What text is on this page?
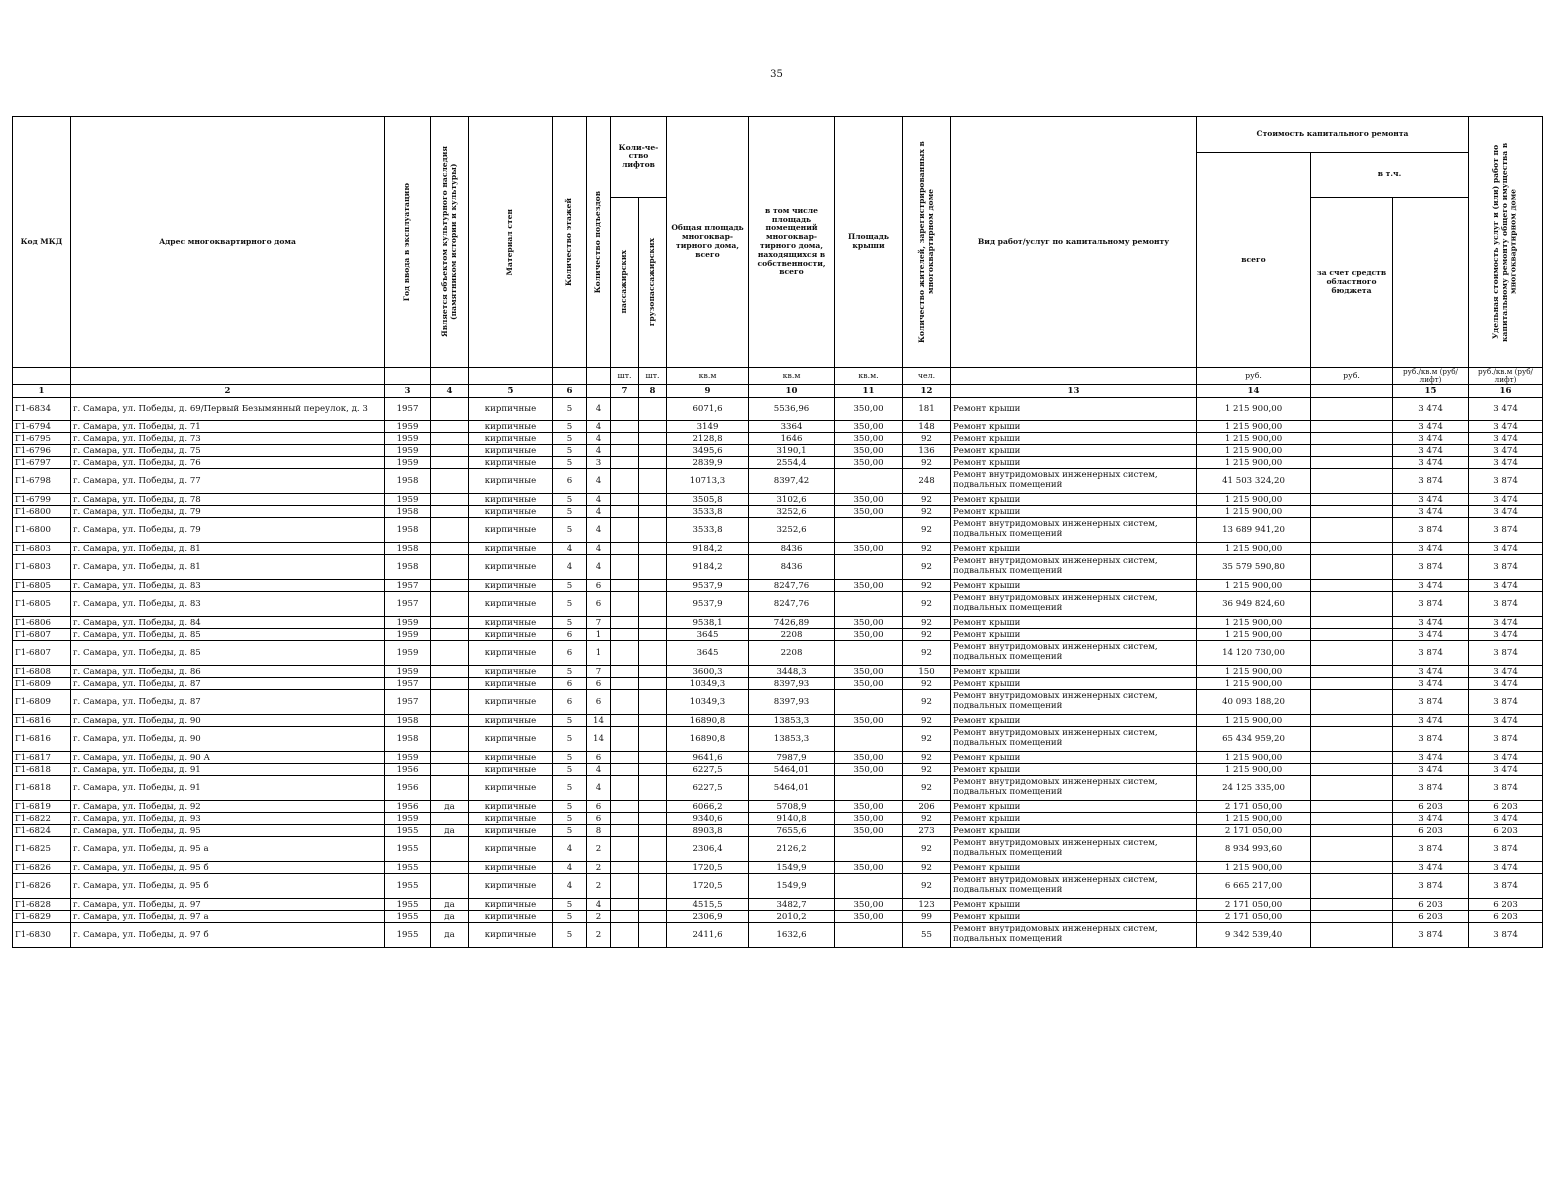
35
Код МКД	Адрес многоквартирного дома	Год ввода в эксплуатацию	Является объектом культурного наследия (памятником истории и культуры)	Материал стен	Количество этажей	Количество подъездов	Коли-че-ство лифтов		Общая площадь многоквар-тирного дома, всего	в том числе площадь помещений многоквар-тирного дома, находящихся в собственности, всего	Площадь крыши	Количество жителей, зарегистрированных в многоквартирном доме	Вид работ/услуг по капитальному ремонту	Стоимость капитального ремонта			Удельная стоимость услуг и (или) работ по капитальному ремонту общего имущества в многоквартирном доме

														всего	в т.ч.			

							пассажирских	грузопассажирских							за счет средств областного бюджета			

							шт.	шт.	кв.м	кв.м	кв.м.	чел.		руб.	руб.	руб./кв.м (руб/лифт)	руб./кв.м (руб/лифт)	
1	2	3	4	5	6		7	8	9	10	11	12	13	14		15	16	
Г1-6834	г. Самара, ул. Победы, д. 69/Первый Безымянный переулок, д. 3	1957		кирпичные	5	4			6071,6	5536,96	350,00	181	Ремонт крыши	1 215 900,00		3 474	3 474	
Г1-6794	г. Самара, ул. Победы, д. 71	1959		кирпичные	5	4			3149	3364	350,00	148	Ремонт крыши	1 215 900,00		3 474	3 474	
Г1-6795	г. Самара, ул. Победы, д. 73	1959		кирпичные	5	4			2128,8	1646	350,00	92	Ремонт крыши	1 215 900,00		3 474	3 474	
Г1-6796	г. Самара, ул. Победы, д. 75	1959		кирпичные	5	4			3495,6	3190,1	350,00	136	Ремонт крыши	1 215 900,00		3 474	3 474	
Г1-6797	г. Самара, ул. Победы, д. 76	1959		кирпичные	5	3			2839,9	2554,4	350,00	92	Ремонт крыши	1 215 900,00		3 474	3 474	
Г1-6798	г. Самара, ул. Победы, д. 77	1958		кирпичные	6	4			10713,3	8397,42		248	Ремонт внутридомовых инженерных систем, подвальных помещений	41 503 324,20		3 874	3 874	
Г1-6799	г. Самара, ул. Победы, д. 78	1959		кирпичные	5	4			3505,8	3102,6	350,00	92	Ремонт крыши	1 215 900,00		3 474	3 474	
Г1-6800	г. Самара, ул. Победы, д. 79	1958		кирпичные	5	4			3533,8	3252,6	350,00	92	Ремонт крыши	1 215 900,00		3 474	3 474	
Г1-6800	г. Самара, ул. Победы, д. 79	1958		кирпичные	5	4			3533,8	3252,6		92	Ремонт внутридомовых инженерных систем, подвальных помещений	13 689 941,20		3 874	3 874	
Г1-6803	г. Самара, ул. Победы, д. 81	1958		кирпичные	4	4			9184,2	8436	350,00	92	Ремонт крыши	1 215 900,00		3 474	3 474	
Г1-6803	г. Самара, ул. Победы, д. 81	1958		кирпичные	4	4			9184,2	8436		92	Ремонт внутридомовых инженерных систем, подвальных помещений	35 579 590,80		3 874	3 874	
Г1-6805	г. Самара, ул. Победы, д. 83	1957		кирпичные	5	6			9537,9	8247,76	350,00	92	Ремонт крыши	1 215 900,00		3 474	3 474	
Г1-6805	г. Самара, ул. Победы, д. 83	1957		кирпичные	5	6			9537,9	8247,76		92	Ремонт внутридомовых инженерных систем, подвальных помещений	36 949 824,60		3 874	3 874	
Г1-6806	г. Самара, ул. Победы, д. 84	1959		кирпичные	5	7			9538,1	7426,89	350,00	92	Ремонт крыши	1 215 900,00		3 474	3 474	
Г1-6807	г. Самара, ул. Победы, д. 85	1959		кирпичные	6	1			3645	2208	350,00	92	Ремонт крыши	1 215 900,00		3 474	3 474	
Г1-6807	г. Самара, ул. Победы, д. 85	1959		кирпичные	6	1			3645	2208		92	Ремонт внутридомовых инженерных систем, подвальных помещений	14 120 730,00		3 874	3 874	
Г1-6808	г. Самара, ул. Победы, д. 86	1959		кирпичные	5	7			3600,3	3448,3	350,00	150	Ремонт крыши	1 215 900,00		3 474	3 474	
Г1-6809	г. Самара, ул. Победы, д. 87	1957		кирпичные	6	6			10349,3	8397,93	350,00	92	Ремонт крыши	1 215 900,00		3 474	3 474	
Г1-6809	г. Самара, ул. Победы, д. 87	1957		кирпичные	6	6			10349,3	8397,93		92	Ремонт внутридомовых инженерных систем, подвальных помещений	40 093 188,20		3 874	3 874	
Г1-6816	г. Самара, ул. Победы, д. 90	1958		кирпичные	5	14			16890,8	13853,3	350,00	92	Ремонт крыши	1 215 900,00		3 474	3 474	
Г1-6816	г. Самара, ул. Победы, д. 90	1958		кирпичные	5	14			16890,8	13853,3		92	Ремонт внутридомовых инженерных систем, подвальных помещений	65 434 959,20		3 874	3 874	
Г1-6817	г. Самара, ул. Победы, д. 90 А	1959		кирпичные	5	6			9641,6	7987,9	350,00	92	Ремонт крыши	1 215 900,00		3 474	3 474	
Г1-6818	г. Самара, ул. Победы, д. 91	1956		кирпичные	5	4			6227,5	5464,01	350,00	92	Ремонт крыши	1 215 900,00		3 474	3 474	
Г1-6818	г. Самара, ул. Победы, д. 91	1956		кирпичные	5	4			6227,5	5464,01		92	Ремонт внутридомовых инженерных систем, подвальных помещений	24 125 335,00		3 874	3 874	
Г1-6819	г. Самара, ул. Победы, д. 92	1956	да	кирпичные	5	6			6066,2	5708,9	350,00	206	Ремонт крыши	2 171 050,00		6 203	6 203	
Г1-6822	г. Самара, ул. Победы, д. 93	1959		кирпичные	5	6			9340,6	9140,8	350,00	92	Ремонт крыши	1 215 900,00		3 474	3 474	
Г1-6824	г. Самара, ул. Победы, д. 95	1955	да	кирпичные	5	8			8903,8	7655,6	350,00	273	Ремонт крыши	2 171 050,00		6 203	6 203	
Г1-6825	г. Самара, ул. Победы, д. 95 а	1955		кирпичные	4	2			2306,4	2126,2		92	Ремонт внутридомовых инженерных систем, подвальных помещений	8 934 993,60		3 874	3 874	
Г1-6826	г. Самара, ул. Победы, д. 95 б	1955		кирпичные	4	2			1720,5	1549,9	350,00	92	Ремонт крыши	1 215 900,00		3 474	3 474	
Г1-6826	г. Самара, ул. Победы, д. 95 б	1955		кирпичные	4	2			1720,5	1549,9		92	Ремонт внутридомовых инженерных систем, подвальных помещений	6 665 217,00		3 874	3 874	
Г1-6828	г. Самара, ул. Победы, д. 97	1955	да	кирпичные	5	4			4515,5	3482,7	350,00	123	Ремонт крыши	2 171 050,00		6 203	6 203	
Г1-6829	г. Самара, ул. Победы, д. 97 а	1955	да	кирпичные	5	2			2306,9	2010,2	350,00	99	Ремонт крыши	2 171 050,00		6 203	6 203	
Г1-6830	г. Самара, ул. Победы, д. 97 б	1955	да	кирпичные	5	2			2411,6	1632,6		55	Ремонт внутридомовых инженерных систем, подвальных помещений	9 342 539,40		3 874	3 874	
